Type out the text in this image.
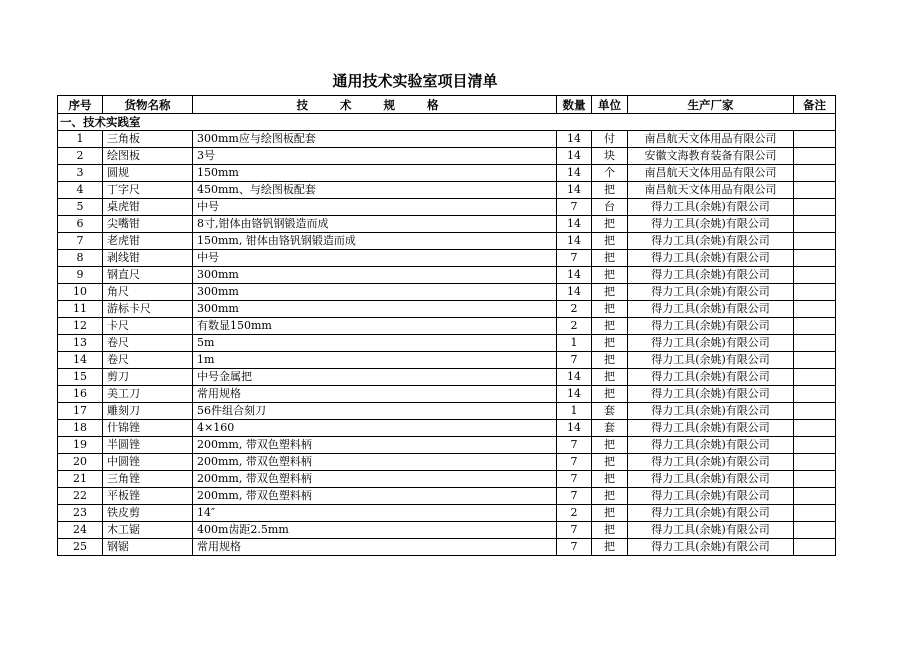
通用技术实验室项目清单
序号	货物名称	技 术 规 格	数量	单位	生产厂家	备注
一、技术实践室						
1	三角板	300mm应与绘图板配套	14	付	南昌航天文体用品有限公司	
2	绘图板	3号	14	块	安徽文海教育装备有限公司	
3	圆规	150mm	14	个	南昌航天文体用品有限公司	
4	丁字尺	450mm、与绘图板配套	14	把	南昌航天文体用品有限公司	
5	桌虎钳	中号	7	台	得力工具(余姚)有限公司	
6	尖嘴钳	8寸,钳体由铬钒钢锻造而成	14	把	得力工具(余姚)有限公司	
7	老虎钳	150mm, 钳体由铬钒钢锻造而成	14	把	得力工具(余姚)有限公司	
8	剥线钳	中号	7	把	得力工具(余姚)有限公司	
9	钢直尺	300mm	14	把	得力工具(余姚)有限公司	
10	角尺	300mm	14	把	得力工具(余姚)有限公司	
11	游标卡尺	300mm	2	把	得力工具(余姚)有限公司	
12	卡尺	有数显150mm	2	把	得力工具(余姚)有限公司	
13	卷尺	5m	1	把	得力工具(余姚)有限公司	
14	卷尺	1m	7	把	得力工具(余姚)有限公司	
15	剪刀	中号金属把	14	把	得力工具(余姚)有限公司	
16	美工刀	常用规格	14	把	得力工具(余姚)有限公司	
17	雕刻刀	56件组合刻刀	1	套	得力工具(余姚)有限公司	
18	什锦锉	4×160	14	套	得力工具(余姚)有限公司	
19	半圆锉	200mm, 带双色塑料柄	7	把	得力工具(余姚)有限公司	
20	中圆锉	200mm, 带双色塑料柄	7	把	得力工具(余姚)有限公司	
21	三角锉	200mm, 带双色塑料柄	7	把	得力工具(余姚)有限公司	
22	平板锉	200mm, 带双色塑料柄	7	把	得力工具(余姚)有限公司	
23	铁皮剪	14″	2	把	得力工具(余姚)有限公司	
24	木工锯	400m齿距2.5mm	7	把	得力工具(余姚)有限公司	
25	钢锯	常用规格	7	把	得力工具(余姚)有限公司	
